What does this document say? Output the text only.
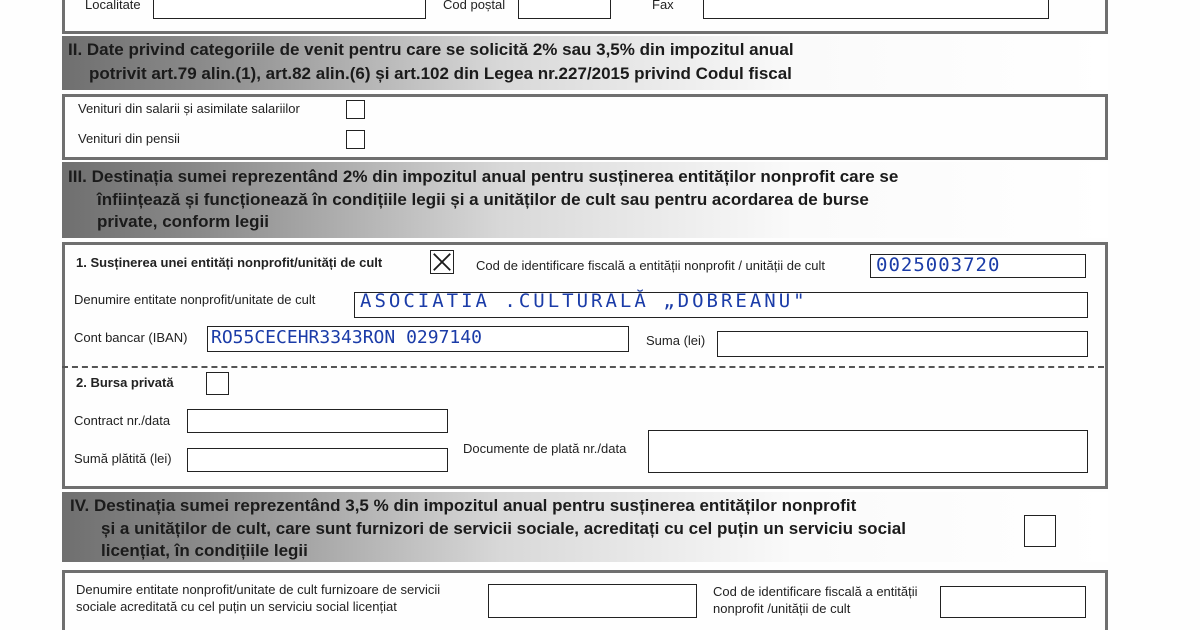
Localitate	Cod poștal	Fax
II. Date privind categoriile de venit pentru care se solicită 2% sau 3,5% din impozitul anual
potrivit art.79 alin.(1), art.82 alin.(6) și art.102 din Legea nr.227/2015 privind Codul fiscal
Venituri din salarii și asimilate salariilor
Venituri din pensii
III. Destinația sumei reprezentând 2% din impozitul anual pentru susținerea entităților nonprofit care se
înființează și funcționează în condițiile legii și a unităților de cult sau pentru acordarea de burse
private, conform legii
1. Susținerea unei entități nonprofit/unități de cult	Cod de identificare fiscală a entității nonprofit / unității de cult	0025003720
Denumire entitate nonprofit/unitate de cult ASOCIATIA .CULTURALĂ „DOBREANU"
Cont bancar (IBAN) RO55CECEHR3343RON 0297140	Suma (lei)
2. Bursa privată
Contract nr./data
Documente de plată nr./data
Sumă plătită (lei)
IV. Destinația sumei reprezentând 3,5 % din impozitul anual pentru susținerea entităților nonprofit
și a unităților de cult, care sunt furnizori de servicii sociale, acreditați cu cel puțin un serviciu social
licențiat, în condițiile legii
Denumire entitate nonprofit/unitate de cult furnizoare de servicii
sociale acreditată cu cel puțin un serviciu social licențiat
Cod de identificare fiscală a entității
nonprofit /unității de cult
